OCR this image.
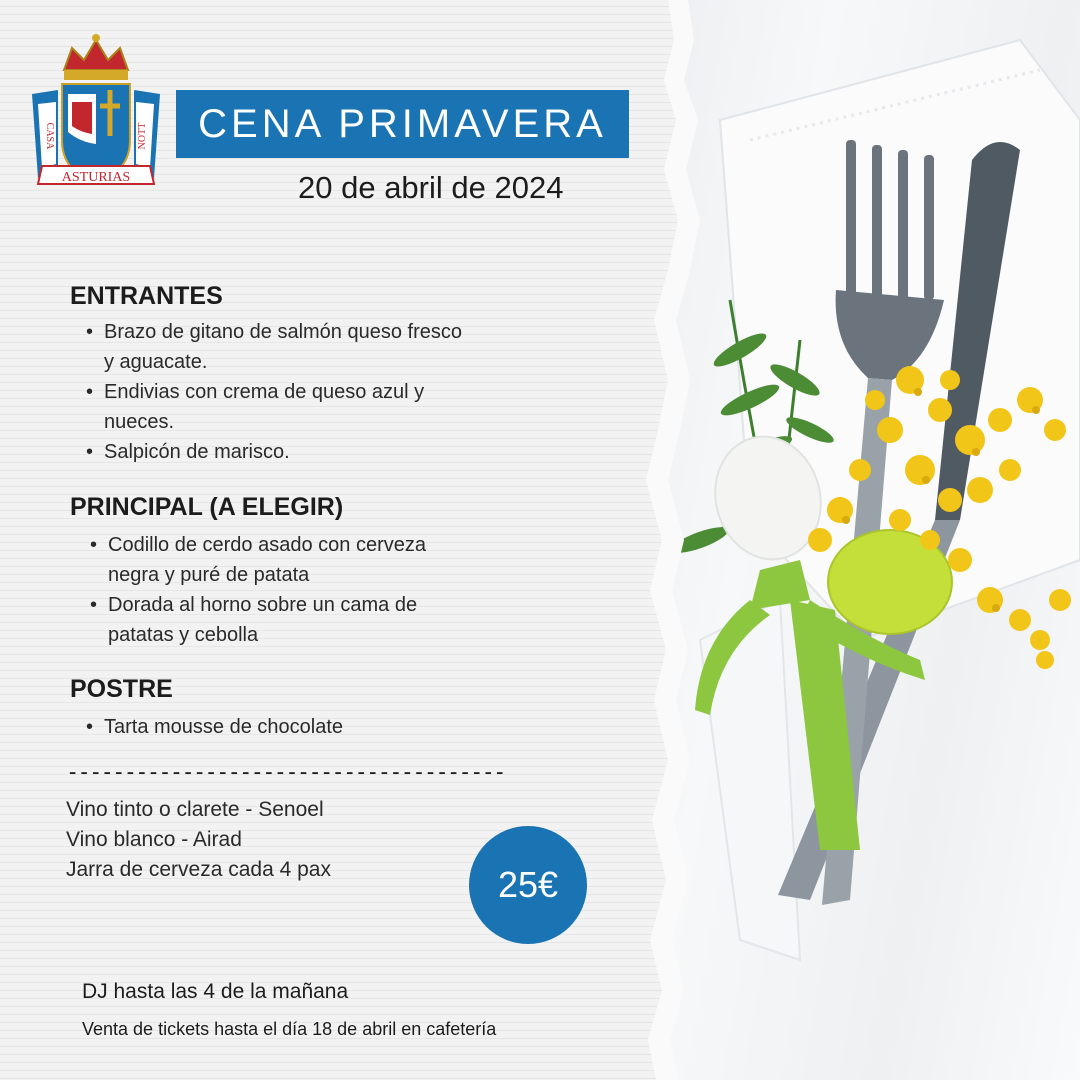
ASTURIAS
CASA	NOTT CENA PRIMAVERA
20 de abril de 2024
ENTRANTES
• Brazo de gitano de salmón queso fresco
y aguacate.
• Endivias con crema de queso azul y
nueces.
• Salpicón de marisco.
PRINCIPAL (A ELEGIR)
• Codillo de cerdo asado con cerveza
negra y puré de patata
• Dorada al horno sobre un cama de
patatas y cebolla
POSTRE
• Tarta mousse de chocolate
--------------------------------------
Vino tinto o clarete - Senoel
Vino blanco - Airad
Jarra de cerveza cada 4 pax	25€
DJ hasta las 4 de la mañana
Venta de tickets hasta el día 18 de abril en cafetería
